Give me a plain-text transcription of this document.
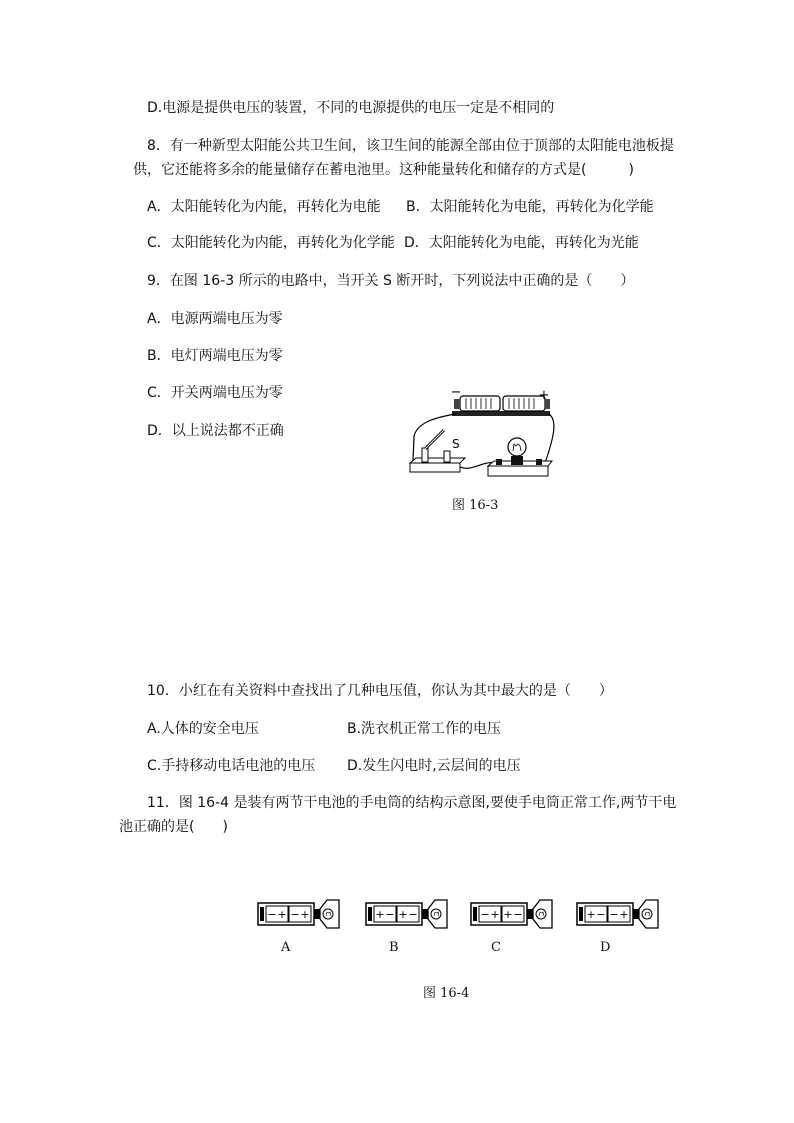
D.电源是提供电压的装置，不同的电源提供的电压一定是不相同的
8．有一种新型太阳能公共卫生间，该卫生间的能源全部由位于顶部的太阳能电池板提
供，它还能将多余的能量储存在蓄电池里。这种能量转化和储存的方式是(　　　)
A．太阳能转化为内能，再转化为电能 B．太阳能转化为电能，再转化为化学能
C．太阳能转化为内能，再转化为化学能 D．太阳能转化为电能，再转化为光能
9．在图 16-3 所示的电路中，当开关 S 断开时，下列说法中正确的是（　　）
A．电源两端电压为零
B．电灯两端电压为零
C．开关两端电压为零
D．以上说法都不正确
−	+
S
图 16-3
10．小红在有关资料中查找出了几种电压值，你认为其中最大的是（　　）
A.人体的安全电压	B.洗衣机正常工作的电压
C.手持移动电话电池的电压 D.发生闪电时,云层间的电压
11．图 16-4 是装有两节干电池的手电筒的结构示意图,要使手电筒正常工作,两节干电
池正确的是(　　)
− + − +	+ − + −	− + + −	+ − − +
A	B	C	D
图 16-4
